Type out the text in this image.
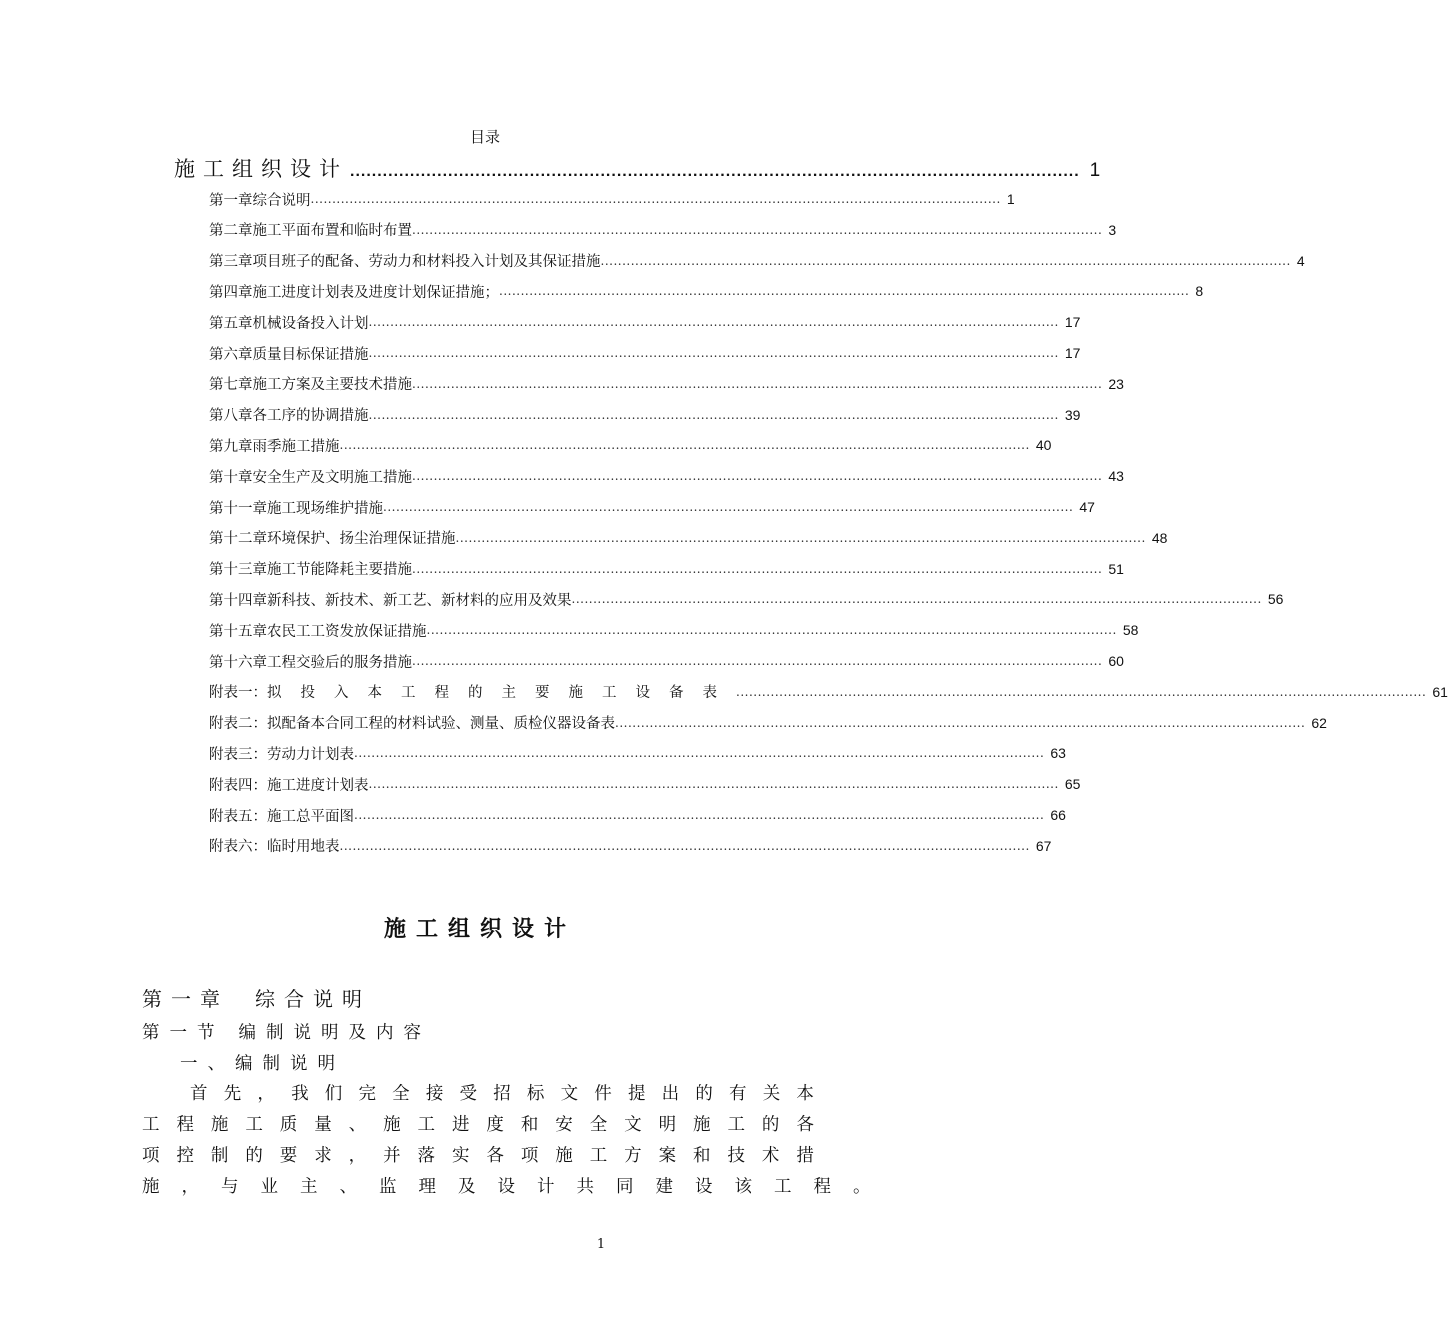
目录
施工组织设计 ...................................................................................................................................... 1
第一章 综合说明 ................................................................................................................................................................ 1
第二章 施工平面布置和临时布置 ................................................................................................................................................................ 3
第三章 项目班子的配备、劳动力和材料投入计划及其保证措施 ................................................................................................................................................................ 4
第四章 施工进度计划表及进度计划保证措施； ................................................................................................................................................................ 8
第五章 机械设备投入计划 ................................................................................................................................................................ 17
第六章 质量目标保证措施 ................................................................................................................................................................ 17
第七章 施工方案及主要技术措施 ................................................................................................................................................................ 23
第八章 各工序的协调措施 ................................................................................................................................................................ 39
第九章 雨季施工措施 ................................................................................................................................................................ 40
第十章 安全生产及文明施工措施 ................................................................................................................................................................ 43
第十一章 施工现场维护措施 ................................................................................................................................................................ 47
第十二章 环境保护、扬尘治理保证措施 ................................................................................................................................................................ 48
第十三章 施工节能降耗主要措施 ................................................................................................................................................................ 51
第十四章 新科技、新技术、新工艺、新材料的应用及效果 ................................................................................................................................................................ 56
第十五章 农民工工资发放保证措施 ................................................................................................................................................................ 58
第十六章 工程交验后的服务措施 ................................................................................................................................................................ 60
附表一： 拟投入本工程的主要施工设备表 ................................................................................................................................................................ 61
附表二： 拟配备本合同工程的材料试验、测量、质检仪器设备表 ................................................................................................................................................................ 62
附表三： 劳动力计划表 ................................................................................................................................................................ 63
附表四： 施工进度计划表 ................................................................................................................................................................ 65
附表五： 施工总平面图 ................................................................................................................................................................ 66
附表六： 临时用地表 ................................................................................................................................................................ 67
施工组织设计
第一章 综合说明
第一节 编制说明及内容
一、编制说明
首 先 ， 我 们 完 全 接 受 招 标 文 件 提 出 的 有 关 本
工 程 施 工 质 量 、 施 工 进 度 和 安 全 文 明 施 工 的 各
项 控 制 的 要 求 ， 并 落 实 各 项 施 工 方 案 和 技 术 措
施 ， 与 业 主 、 监 理 及 设 计 共 同 建 设 该 工 程 。
1
